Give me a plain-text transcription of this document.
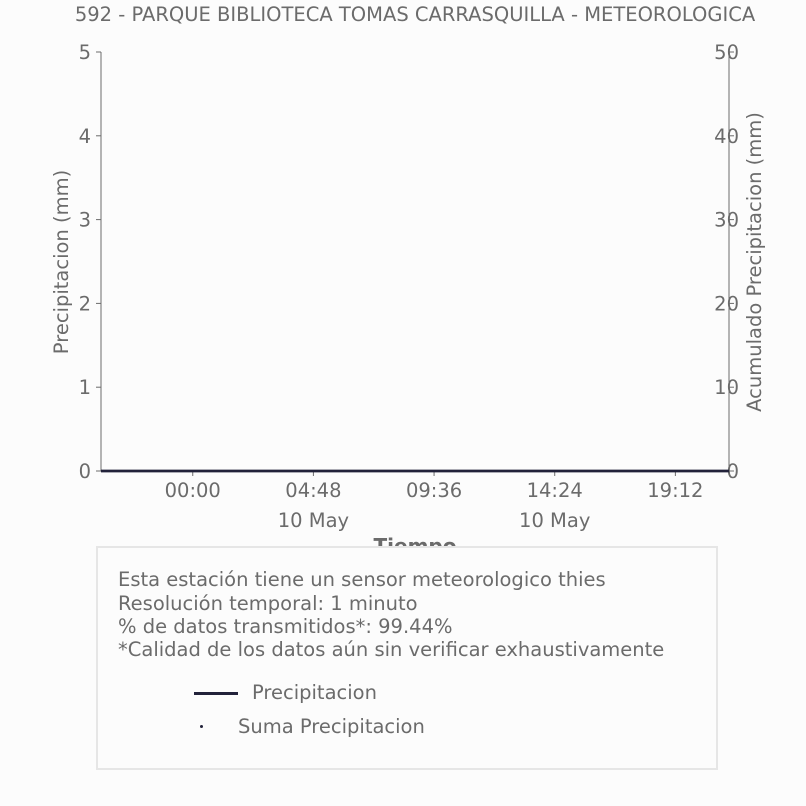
592 - PARQUE BIBLIOTECA TOMAS CARRASQUILLA - METEOROLOGICA
0
1
2
3
4
5
0
10
20
30
40
50
00:00	04:48
10 May
09:36	14:24
10 May
19:12
Precipitacion (mm)	Acumulado Precipitacion (mm)
Esta estación tiene un sensor meteorologico thies
Resolución temporal: 1 minuto
% de datos transmitidos*: 99.44%
*Calidad de los datos aún sin verificar exhaustivamente
Precipitacion
Suma Precipitacion
